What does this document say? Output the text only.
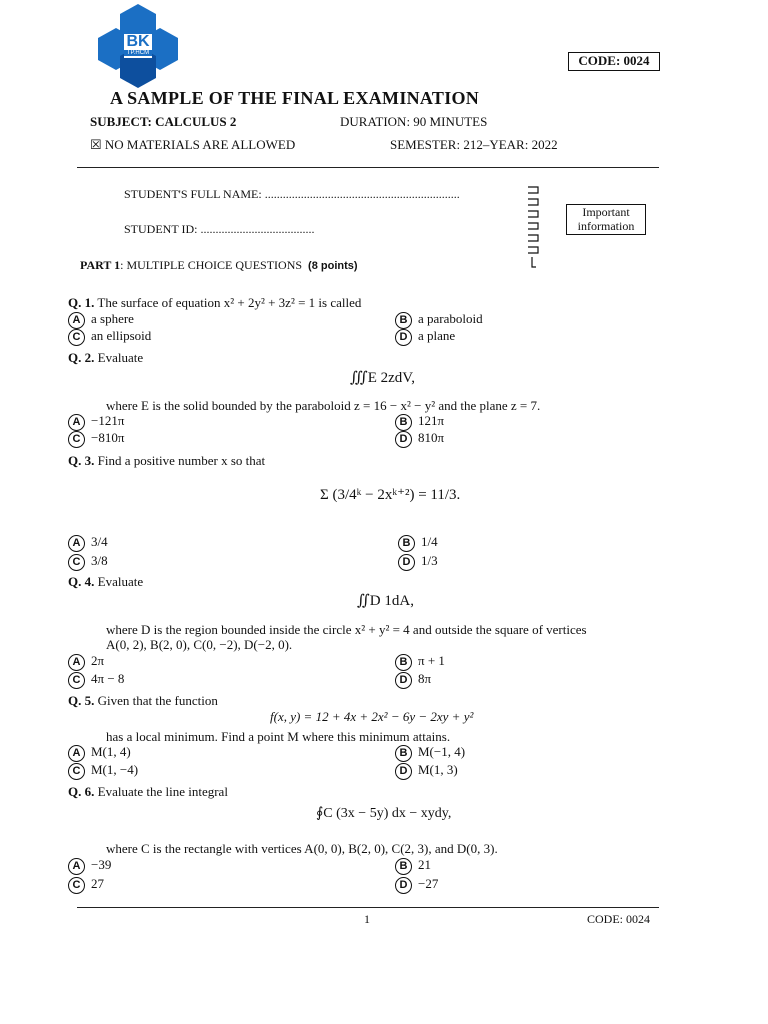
BK
TP.HCM	CODE: 0024
A SAMPLE OF THE FINAL EXAMINATION
SUBJECT: CALCULUS 2	DURATION: 90 MINUTES
☒ NO MATERIALS ARE ALLOWED	SEMESTER: 212–YEAR: 2022
STUDENT'S FULL NAME: .................................................................
STUDENT ID: ......................................
Important
information
PART 1: MULTIPLE CHOICE QUESTIONS (8 points)
Q. 1. The surface of equation x² + 2y² + 3z² = 1 is called
A a sphere	B a paraboloid
C an ellipsoid	D a plane
Q. 2. Evaluate
∭E 2zdV,
where E is the solid bounded by the paraboloid z = 16 − x² − y² and the plane z = 7.
A −121π	B 121π
C −810π	D 810π
Q. 3. Find a positive number x so that
Σ (3/4ᵏ − 2xᵏ⁺²) = 11/3.
A 3/4	B 1/4
C 3/8	D 1/3
Q. 4. Evaluate
∬D 1dA,
where D is the region bounded inside the circle x² + y² = 4 and outside the square of vertices
A(0, 2), B(2, 0), C(0, −2), D(−2, 0).
A 2π	B π + 1
C 4π − 8	D 8π
Q. 5. Given that the function
f(x, y) = 12 + 4x + 2x² − 6y − 2xy + y²
has a local minimum. Find a point M where this minimum attains.
A M(1, 4)	B M(−1, 4)
C M(1, −4)	D M(1, 3)
Q. 6. Evaluate the line integral
∮C (3x − 5y) dx − xydy,
where C is the rectangle with vertices A(0, 0), B(2, 0), C(2, 3), and D(0, 3).
A −39	B 21
C 27	D −27
1	CODE: 0024
